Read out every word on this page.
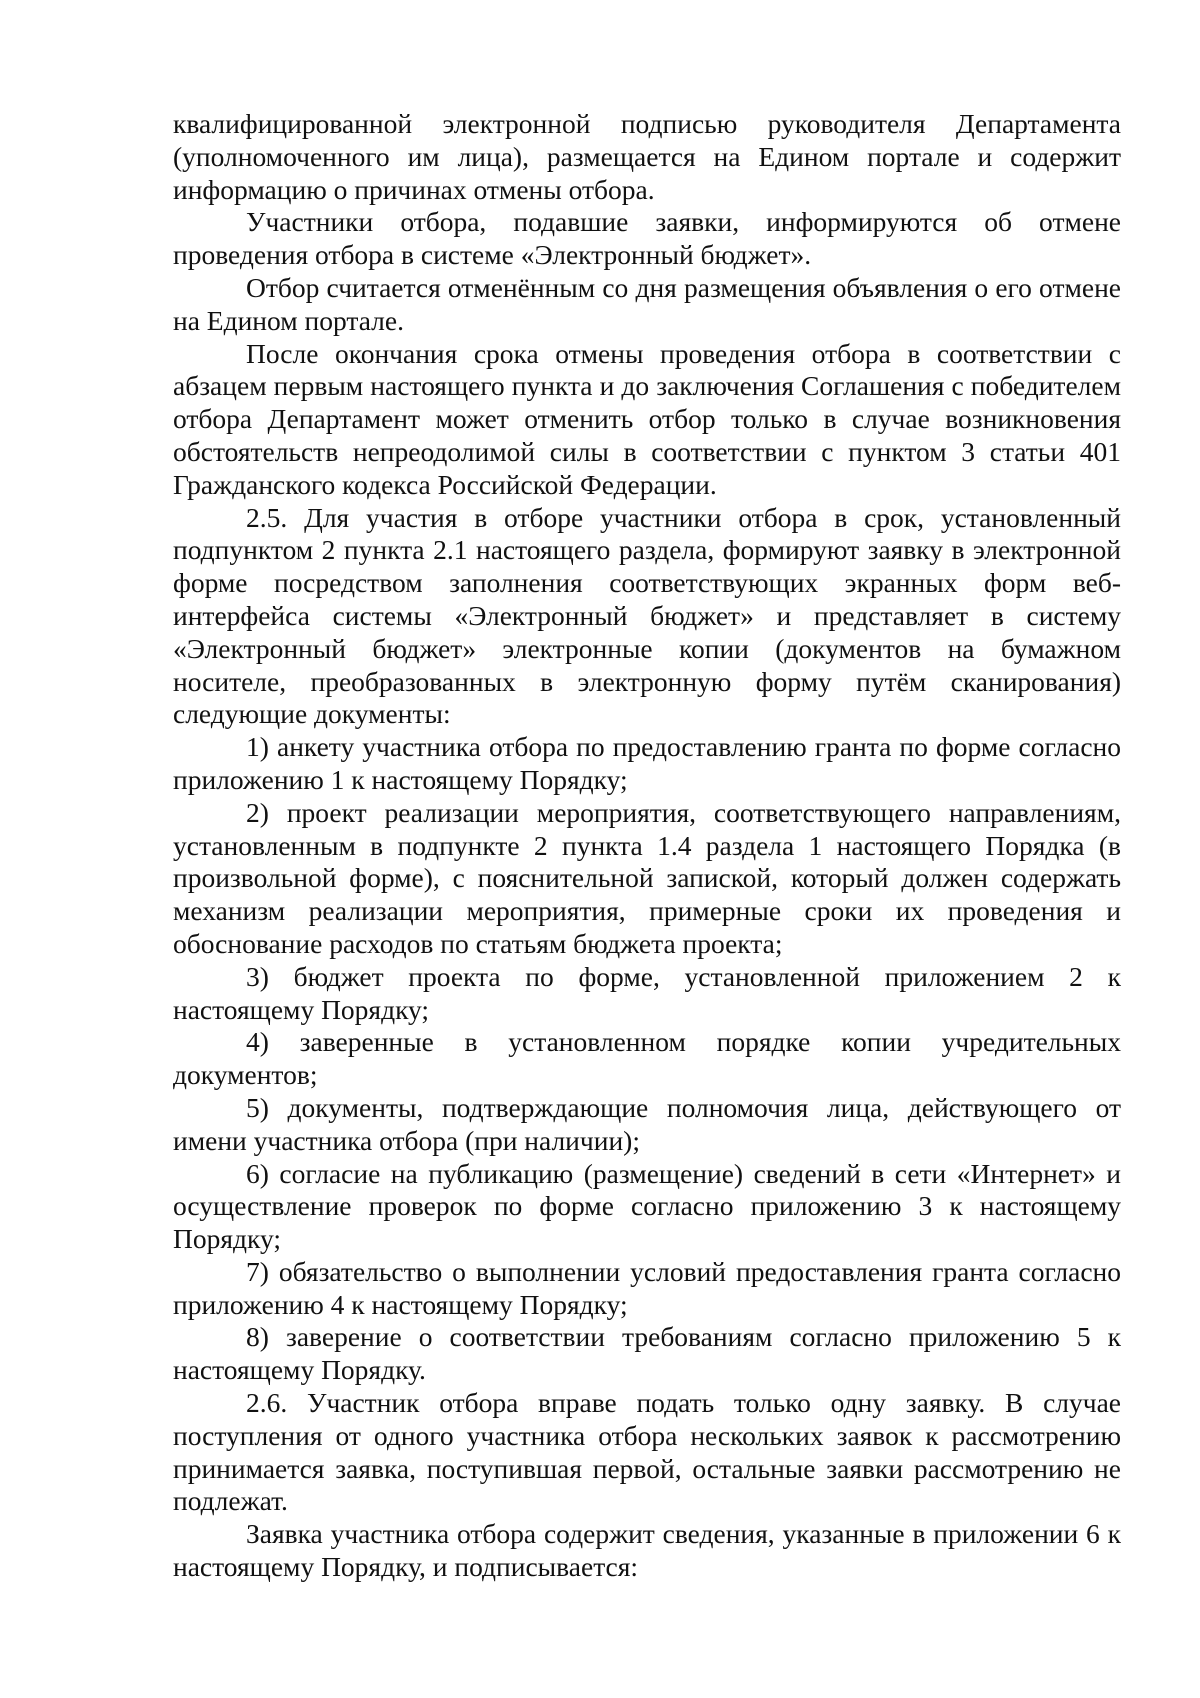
квалифицированной электронной подписью руководителя Департамента (уполномоченного им лица), размещается на Едином портале и содержит информацию о причинах отмены отбора.

Участники отбора, подавшие заявки, информируются об отмене проведения отбора в системе «Электронный бюджет».

Отбор считается отменённым со дня размещения объявления о его отмене на Едином портале.

После окончания срока отмены проведения отбора в соответствии с абзацем первым настоящего пункта и до заключения Соглашения с победителем отбора Департамент может отменить отбор только в случае возникновения обстоятельств непреодолимой силы в соответствии с пунктом 3 статьи 401 Гражданского кодекса Российской Федерации.

2.5. Для участия в отборе участники отбора в срок, установленный подпунктом 2 пункта 2.1 настоящего раздела, формируют заявку в электронной форме посредством заполнения соответствующих экранных форм веб-интерфейса системы «Электронный бюджет» и представляет в систему «Электронный бюджет» электронные копии (документов на бумажном носителе, преобразованных в электронную форму путём сканирования) следующие документы:

1) анкету участника отбора по предоставлению гранта по форме согласно приложению 1 к настоящему Порядку;

2) проект реализации мероприятия, соответствующего направлениям, установленным в подпункте 2 пункта 1.4 раздела 1 настоящего Порядка (в произвольной форме), с пояснительной запиской, который должен содержать механизм реализации мероприятия, примерные сроки их проведения и обоснование расходов по статьям бюджета проекта;

3) бюджет проекта по форме, установленной приложением 2 к настоящему Порядку;

4) заверенные в установленном порядке копии учредительных документов;

5) документы, подтверждающие полномочия лица, действующего от имени участника отбора (при наличии);

6) согласие на публикацию (размещение) сведений в сети «Интернет» и осуществление проверок по форме согласно приложению 3 к настоящему Порядку;

7) обязательство о выполнении условий предоставления гранта согласно приложению 4 к настоящему Порядку;

8) заверение о соответствии требованиям согласно приложению 5 к настоящему Порядку.

2.6. Участник отбора вправе подать только одну заявку. В случае поступления от одного участника отбора нескольких заявок к рассмотрению принимается заявка, поступившая первой, остальные заявки рассмотрению не подлежат.

Заявка участника отбора содержит сведения, указанные в приложении 6 к настоящему Порядку, и подписывается:
